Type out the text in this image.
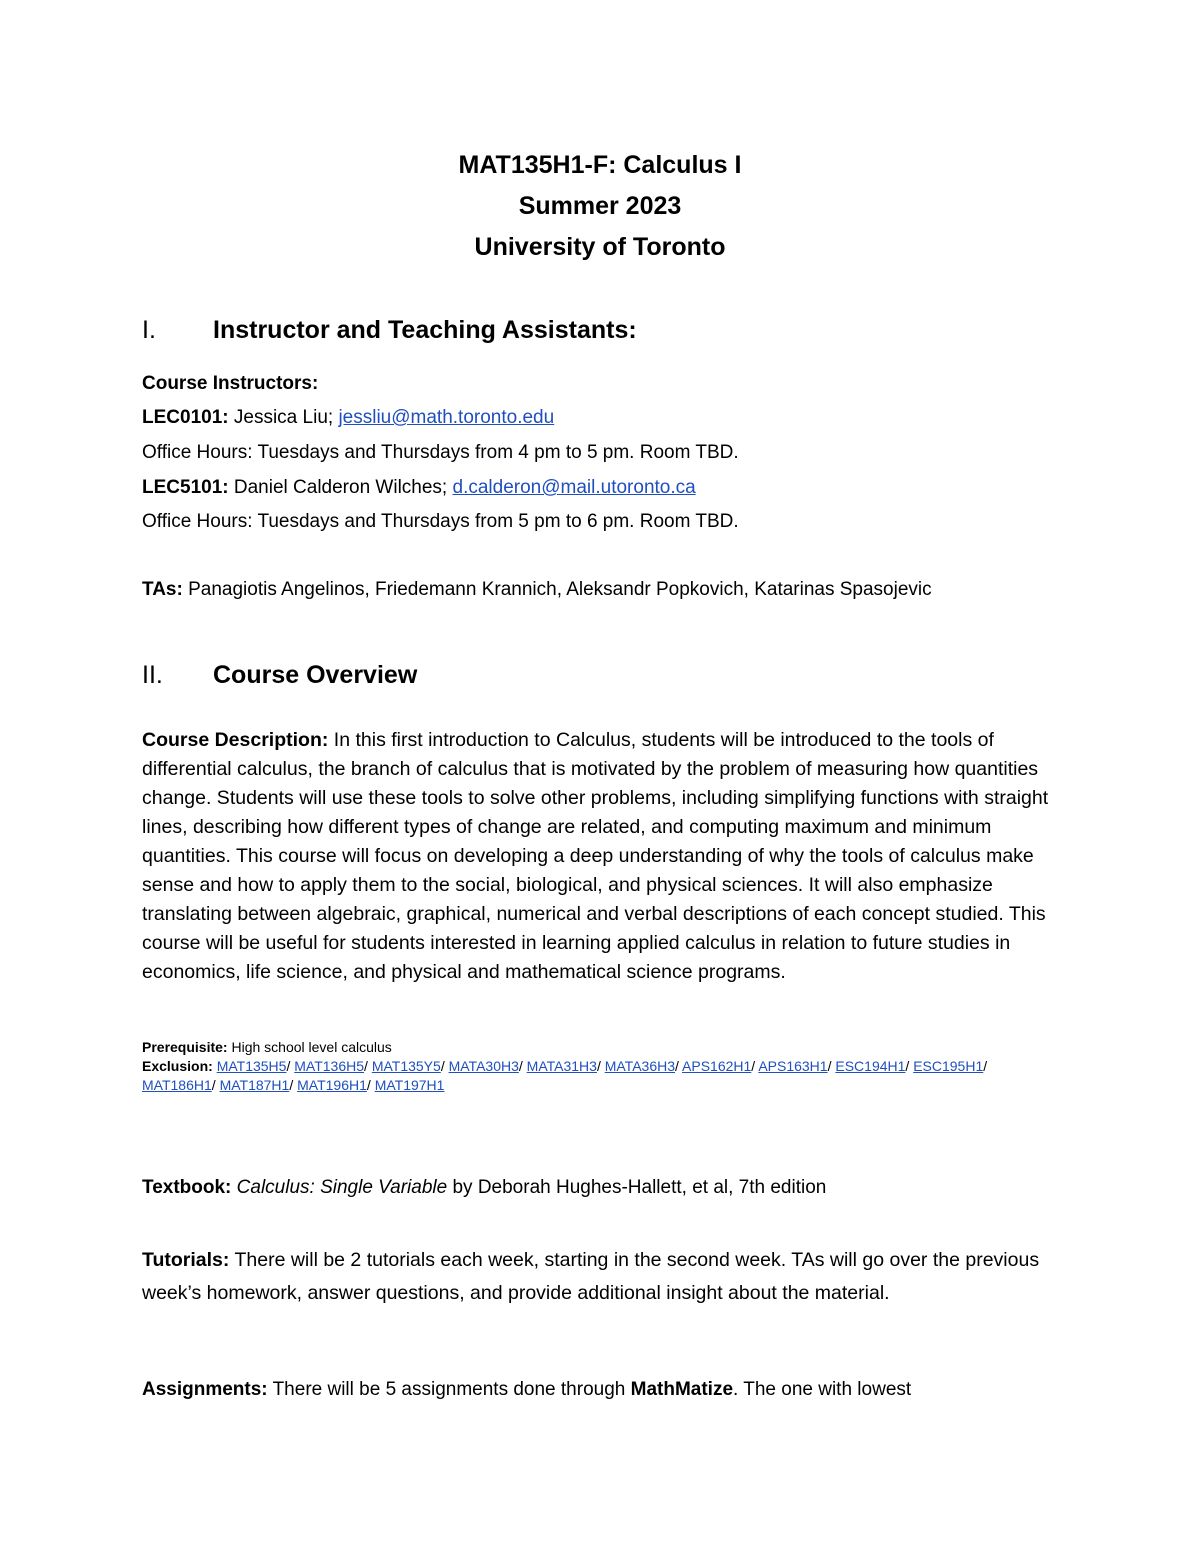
MAT135H1-F: Calculus I
Summer 2023
University of Toronto
I. Instructor and Teaching Assistants:
Course Instructors:
LEC0101: Jessica Liu; jessliu@math.toronto.edu
Office Hours: Tuesdays and Thursdays from 4 pm to 5 pm. Room TBD.
LEC5101: Daniel Calderon Wilches; d.calderon@mail.utoronto.ca
Office Hours: Tuesdays and Thursdays from 5 pm to 6 pm. Room TBD.
TAs: Panagiotis Angelinos, Friedemann Krannich, Aleksandr Popkovich, Katarinas Spasojevic
II. Course Overview
Course Description: In this first introduction to Calculus, students will be introduced to the tools of differential calculus, the branch of calculus that is motivated by the problem of measuring how quantities change. Students will use these tools to solve other problems, including simplifying functions with straight lines, describing how different types of change are related, and computing maximum and minimum quantities. This course will focus on developing a deep understanding of why the tools of calculus make sense and how to apply them to the social, biological, and physical sciences. It will also emphasize translating between algebraic, graphical, numerical and verbal descriptions of each concept studied. This course will be useful for students interested in learning applied calculus in relation to future studies in economics, life science, and physical and mathematical science programs.
Prerequisite: High school level calculus
Exclusion: MAT135H5/ MAT136H5/ MAT135Y5/ MATA30H3/ MATA31H3/ MATA36H3/ APS162H1/ APS163H1/ ESC194H1/ ESC195H1/ MAT186H1/ MAT187H1/ MAT196H1/ MAT197H1
Textbook: Calculus: Single Variable by Deborah Hughes-Hallett, et al, 7th edition
Tutorials: There will be 2 tutorials each week, starting in the second week. TAs will go over the previous week’s homework, answer questions, and provide additional insight about the material.
Assignments: There will be 5 assignments done through MathMatize. The one with lowest
